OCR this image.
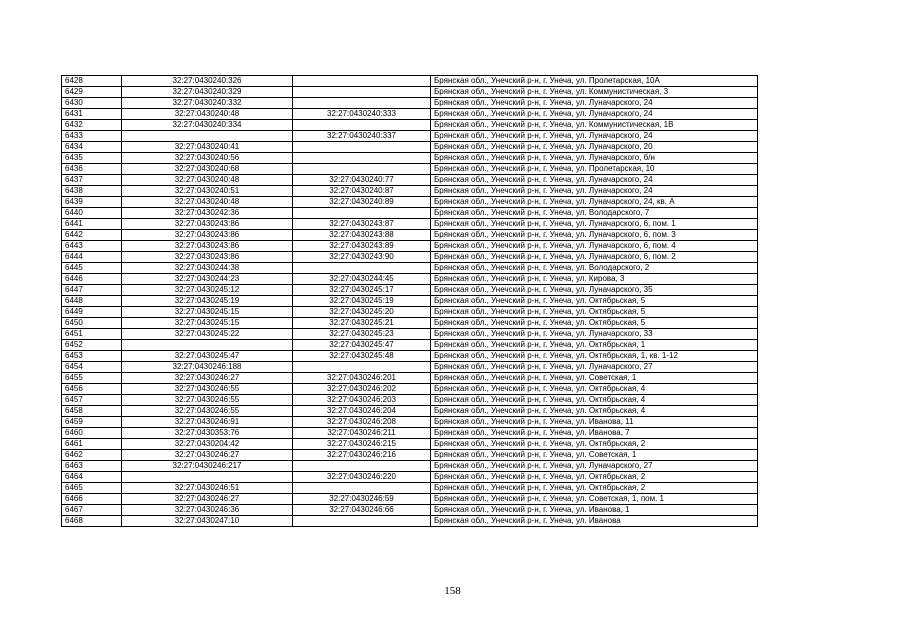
6428	32:27:0430240:326		Брянская обл., Унечский р-н, г. Унеча, ул. Пролетарская, 10А
6429	32:27:0430240:329		Брянская обл., Унечский р-н, г. Унеча, ул. Коммунистическая, 3
6430	32:27:0430240:332		Брянская обл., Унечский р-н, г. Унеча, ул. Луначарского, 24
6431	32:27:0430240:48	32:27:0430240:333	Брянская обл., Унечский р-н, г. Унеча, ул. Луначарского, 24
6432	32:27:0430240:334		Брянская обл., Унечский р-н, г. Унеча, ул. Коммунистическая, 1В
6433		32:27:0430240:337	Брянская обл., Унечский р-н, г. Унеча, ул. Луначарского, 24
6434	32:27:0430240:41		Брянская обл., Унечский р-н, г. Унеча, ул. Луначарского, 20
6435	32:27:0430240:56		Брянская обл., Унечский р-н, г. Унеча, ул. Луначарского, б/н
6436	32:27:0430240:68		Брянская обл., Унечский р-н, г. Унеча, ул. Пролетарская, 10
6437	32:27:0430240:48	32:27:0430240:77	Брянская обл., Унечский р-н, г. Унеча, ул. Луначарского, 24
6438	32:27:0430240:51	32:27:0430240:87	Брянская обл., Унечский р-н, г. Унеча, ул. Луначарского, 24
6439	32:27:0430240:48	32:27:0430240:89	Брянская обл., Унечский р-н, г. Унеча, ул. Луначарского, 24, кв. А
6440	32:27:0430242:36		Брянская обл., Унечский р-н, г. Унеча, ул. Володарского, 7
6441	32:27:0430243:86	32:27:0430243:87	Брянская обл., Унечский р-н, г. Унеча, ул. Луначарского, 6, пом. 1
6442	32:27:0430243:86	32:27:0430243:88	Брянская обл., Унечский р-н, г. Унеча, ул. Луначарского, 6, пом. 3
6443	32:27:0430243:86	32:27:0430243:89	Брянская обл., Унечский р-н, г. Унеча, ул. Луначарского, 6, пом. 4
6444	32:27:0430243:86	32:27:0430243:90	Брянская обл., Унечский р-н, г. Унеча, ул. Луначарского, 6, пом. 2
6445	32:27:0430244:38		Брянская обл., Унечский р-н, г. Унеча, ул. Володарского, 2
6446	32:27:0430244:23	32:27:0430244:45	Брянская обл., Унечский р-н, г. Унеча, ул. Кирова, 3
6447	32:27:0430245:12	32:27:0430245:17	Брянская обл., Унечский р-н, г. Унеча, ул. Луначарского, 35
6448	32:27:0430245:19	32:27:0430245:19	Брянская обл., Унечский р-н, г. Унеча, ул. Октябрьская, 5
6449	32:27:0430245:15	32:27:0430245:20	Брянская обл., Унечский р-н, г. Унеча, ул. Октябрьская, 5
6450	32:27:0430245:15	32:27:0430245:21	Брянская обл., Унечский р-н, г. Унеча, ул. Октябрьская, 5
6451	32:27:0430245:22	32:27:0430245:23	Брянская обл., Унечский р-н, г. Унеча, ул. Луначарского, 33
6452		32:27:0430245:47	Брянская обл., Унечский р-н, г. Унеча, ул. Октябрьская, 1
6453	32:27:0430245:47	32:27:0430245:48	Брянская обл., Унечский р-н, г. Унеча, ул. Октябрьская, 1, кв. 1-12
6454	32:27:0430246:188		Брянская обл., Унечский р-н, г. Унеча, ул. Луначарского, 27
6455	32:27:0430246:27	32:27:0430246:201	Брянская обл., Унечский р-н, г. Унеча, ул. Советская, 1
6456	32:27:0430246:55	32:27:0430246:202	Брянская обл., Унечский р-н, г. Унеча, ул. Октябрьская, 4
6457	32:27:0430246:55	32:27:0430246:203	Брянская обл., Унечский р-н, г. Унеча, ул. Октябрьская, 4
6458	32:27:0430246:55	32:27:0430246:204	Брянская обл., Унечский р-н, г. Унеча, ул. Октябрьская, 4
6459	32:27:0430246:91	32:27:0430246:208	Брянская обл., Унечский р-н, г. Унеча, ул. Иванова, 11
6460	32:27:0430353:76	32:27:0430246:211	Брянская обл., Унечский р-н, г. Унеча, ул. Иванова, 7
6461	32:27:0430204:42	32:27:0430246:215	Брянская обл., Унечский р-н, г. Унеча, ул. Октябрьская, 2
6462	32:27:0430246:27	32:27:0430246:216	Брянская обл., Унечский р-н, г. Унеча, ул. Советская, 1
6463	32:27:0430246:217		Брянская обл., Унечский р-н, г. Унеча, ул. Луначарского, 27
6464		32:27:0430246:220	Брянская обл., Унечский р-н, г. Унеча, ул. Октябрьская, 2
6465	32:27:0430246:51		Брянская обл., Унечский р-н, г. Унеча, ул. Октябрьская, 2
6466	32:27:0430246:27	32:27:0430246:59	Брянская обл., Унечский р-н, г. Унеча, ул. Советская, 1, пом. 1
6467	32:27:0430246:36	32:27:0430246:66	Брянская обл., Унечский р-н, г. Унеча, ул. Иванова, 1
6468	32:27:0430247:10		Брянская обл., Унечский р-н, г. Унеча, ул. Иванова
158
